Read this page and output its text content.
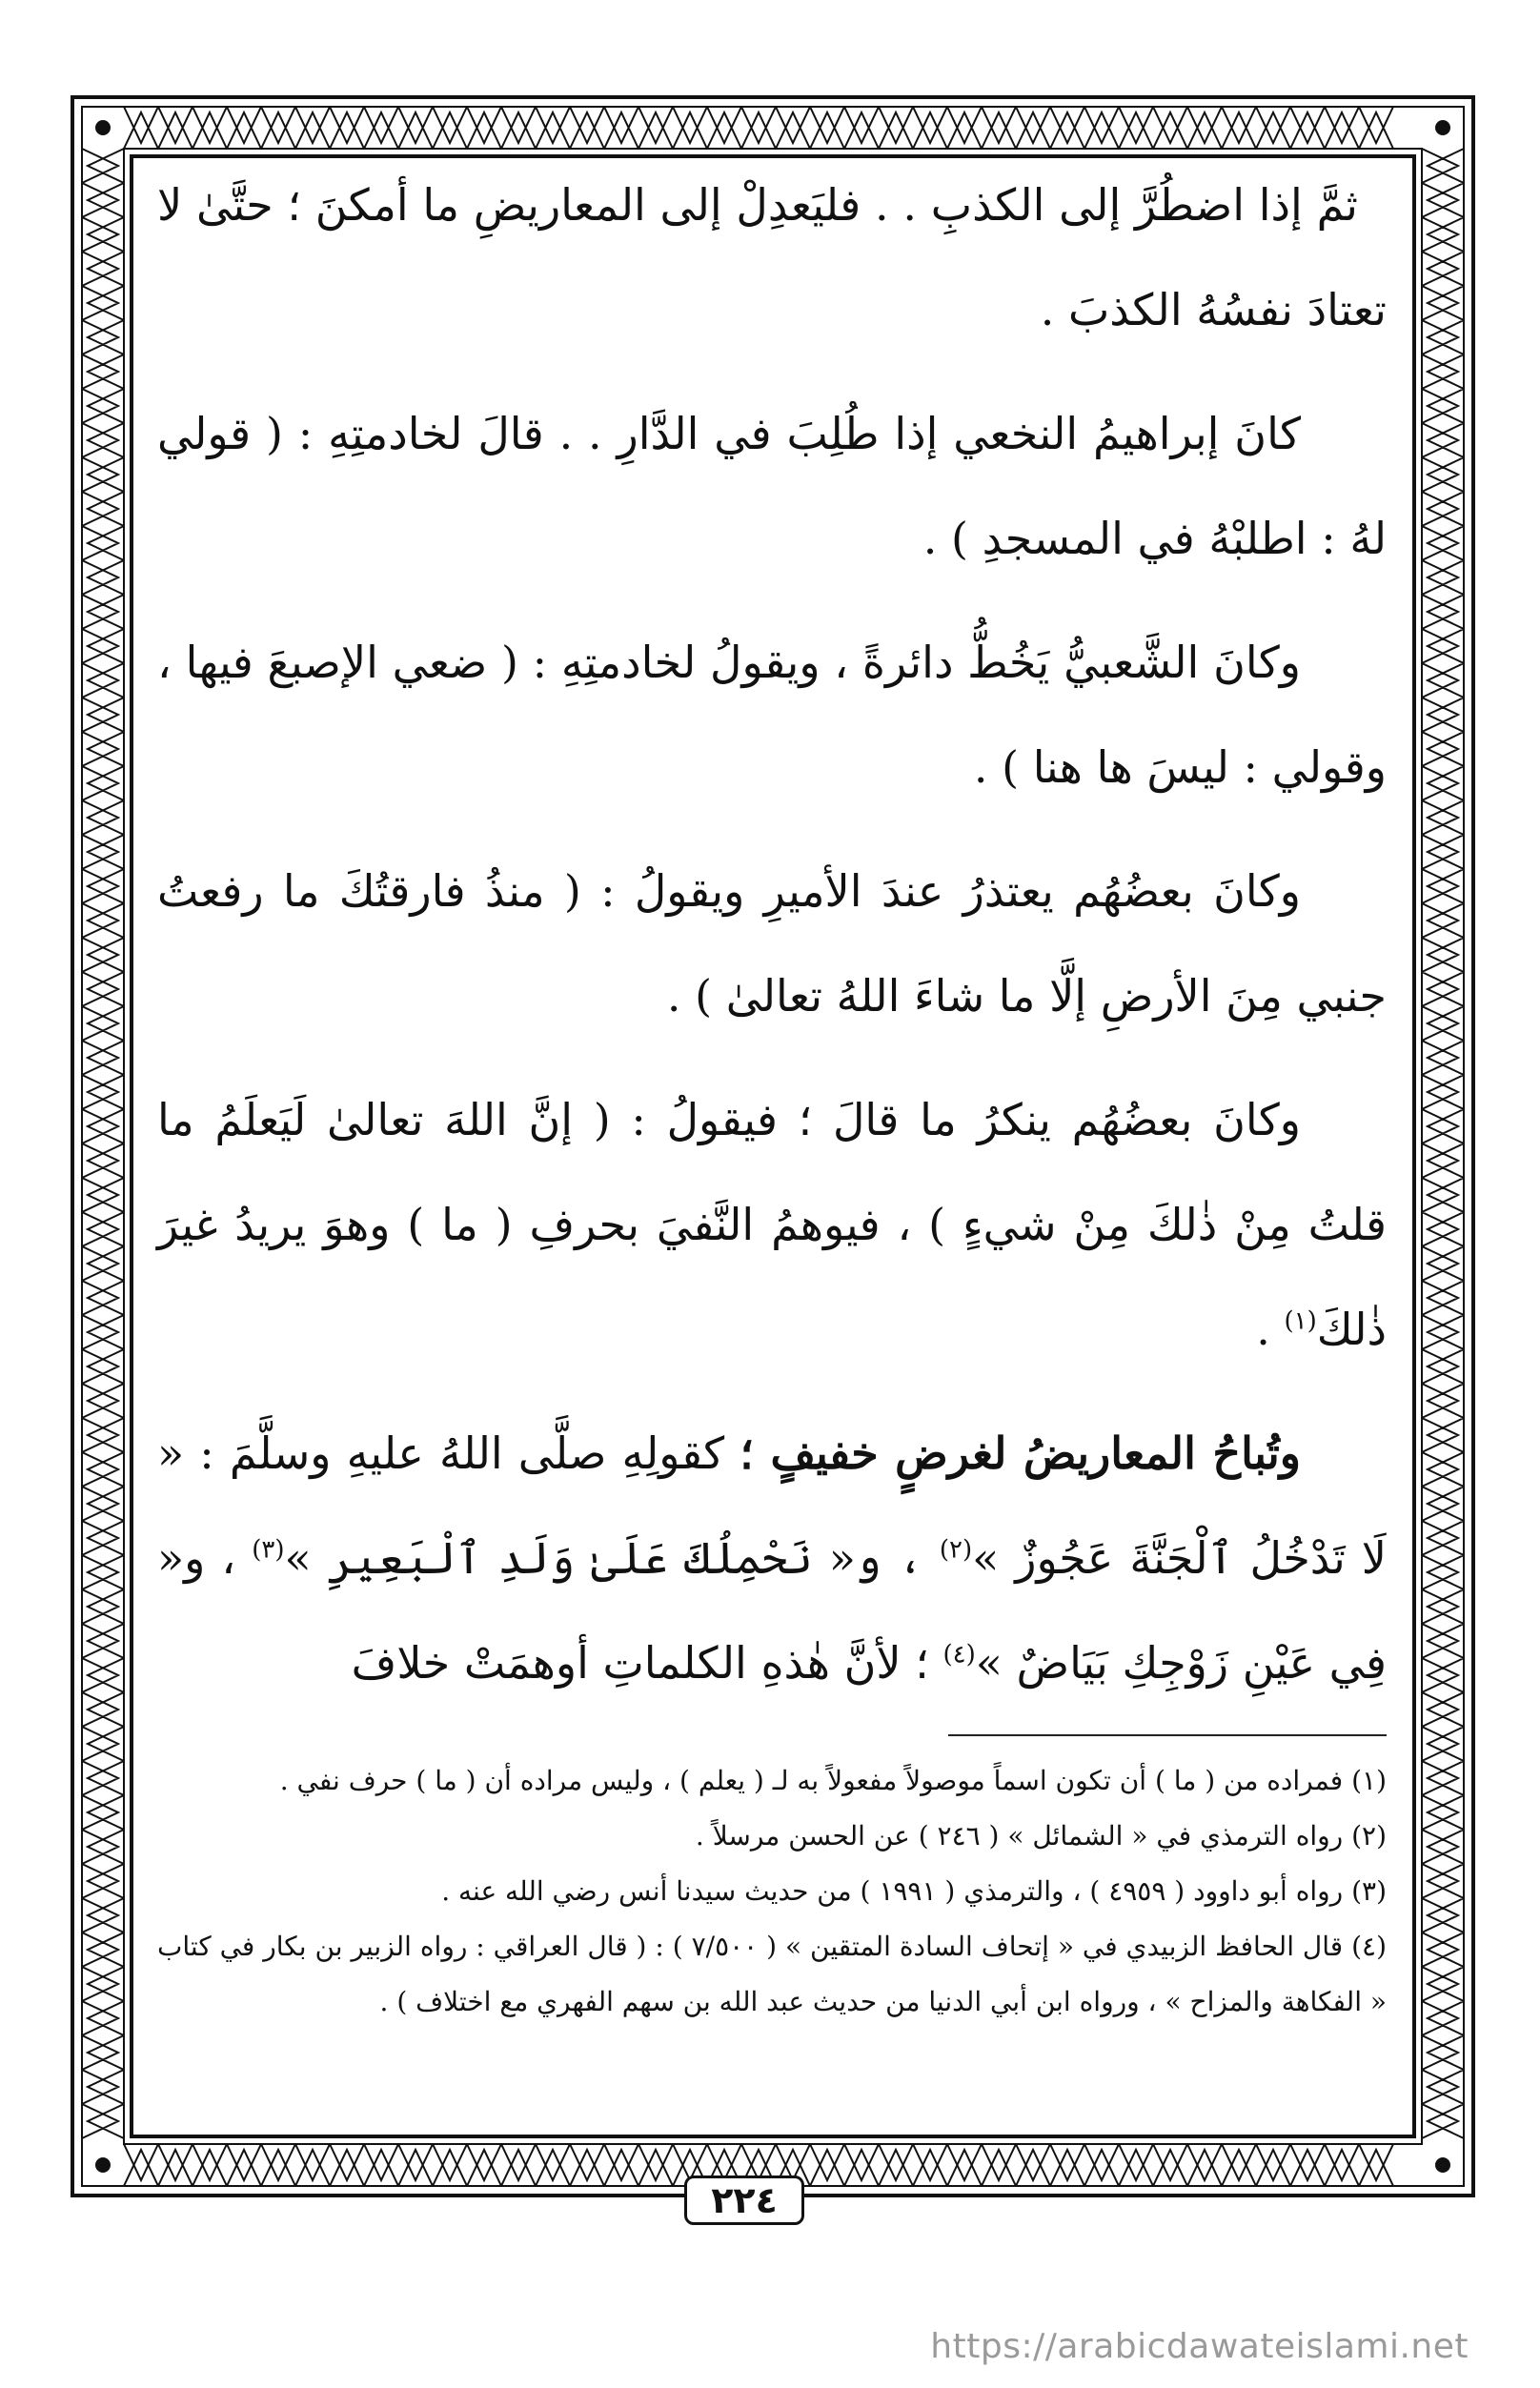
٢٢٤

ثمَّ إذا اضطُرَّ إلى الكذبِ . . فليَعدِلْ إلى المعاريضِ ما أمكنَ ؛ حتَّىٰ لا تعتادَ نفسُهُ الكذبَ .

كانَ إبراهيمُ النخعي إذا طُلِبَ في الدَّارِ . . قالَ لخادمتِهِ : ( قولي لهُ : اطلبْهُ في المسجدِ ) .

وكانَ الشَّعبيُّ يَخُطُّ دائرةً ، ويقولُ لخادمتِهِ : ( ضعي الإصبعَ فيها ، وقولي : ليسَ ها هنا ) .

وكانَ بعضُهُم يعتذرُ عندَ الأميرِ ويقولُ : ( منذُ فارقتُكَ ما رفعتُ جنبي مِنَ الأرضِ إلَّا ما شاءَ اللهُ تعالىٰ ) .

وكانَ بعضُهُم ينكرُ ما قالَ ؛ فيقولُ : ( إنَّ اللهَ تعالىٰ لَيَعلَمُ ما قلتُ مِنْ ذٰلكَ مِنْ شيءٍ ) ، فيوهمُ النَّفيَ بحرفِ ( ما ) وهوَ يريدُ غيرَ ذٰلكَ$^{(١)}$ .

وتُباحُ المعاريضُ لغرضٍ خفيفٍ ؛ كقولِهِ صلَّى اللهُ عليهِ وسلَّمَ : « لَا تَدْخُلُ ٱلْجَنَّةَ عَجُوزٌ »$^{(٢)}$ ، و« نَحْمِلُكَ عَلَىٰ وَلَدِ ٱلْبَعِيرِ »$^{(٣)}$ ، و« فِي عَيْنِ زَوْجِكِ بَيَاضٌ »$^{(٤)}$ ؛ لأنَّ هٰذهِ الكلماتِ أوهمَتْ خلافَ

(١) فمراده من ( ما ) أن تكون اسماً موصولاً مفعولاً به لـ ( يعلم ) ، وليس مراده أن ( ما ) حرف نفي .

(٢) رواه الترمذي في « الشمائل » ( ٢٤٦ ) عن الحسن مرسلاً .

(٣) رواه أبو داوود ( ٤٩٥٩ ) ، والترمذي ( ١٩٩١ ) من حديث سيدنا أنس رضي الله عنه .

(٤) قال الحافظ الزبيدي في « إتحاف السادة المتقين » ( ٧/٥٠٠ ) : ( قال العراقي : رواه الزبير بن بكار في كتاب « الفكاهة والمزاح » ، ورواه ابن أبي الدنيا من حديث عبد الله بن سهم الفهري مع اختلاف ) .

https://arabicdawateislami.net
